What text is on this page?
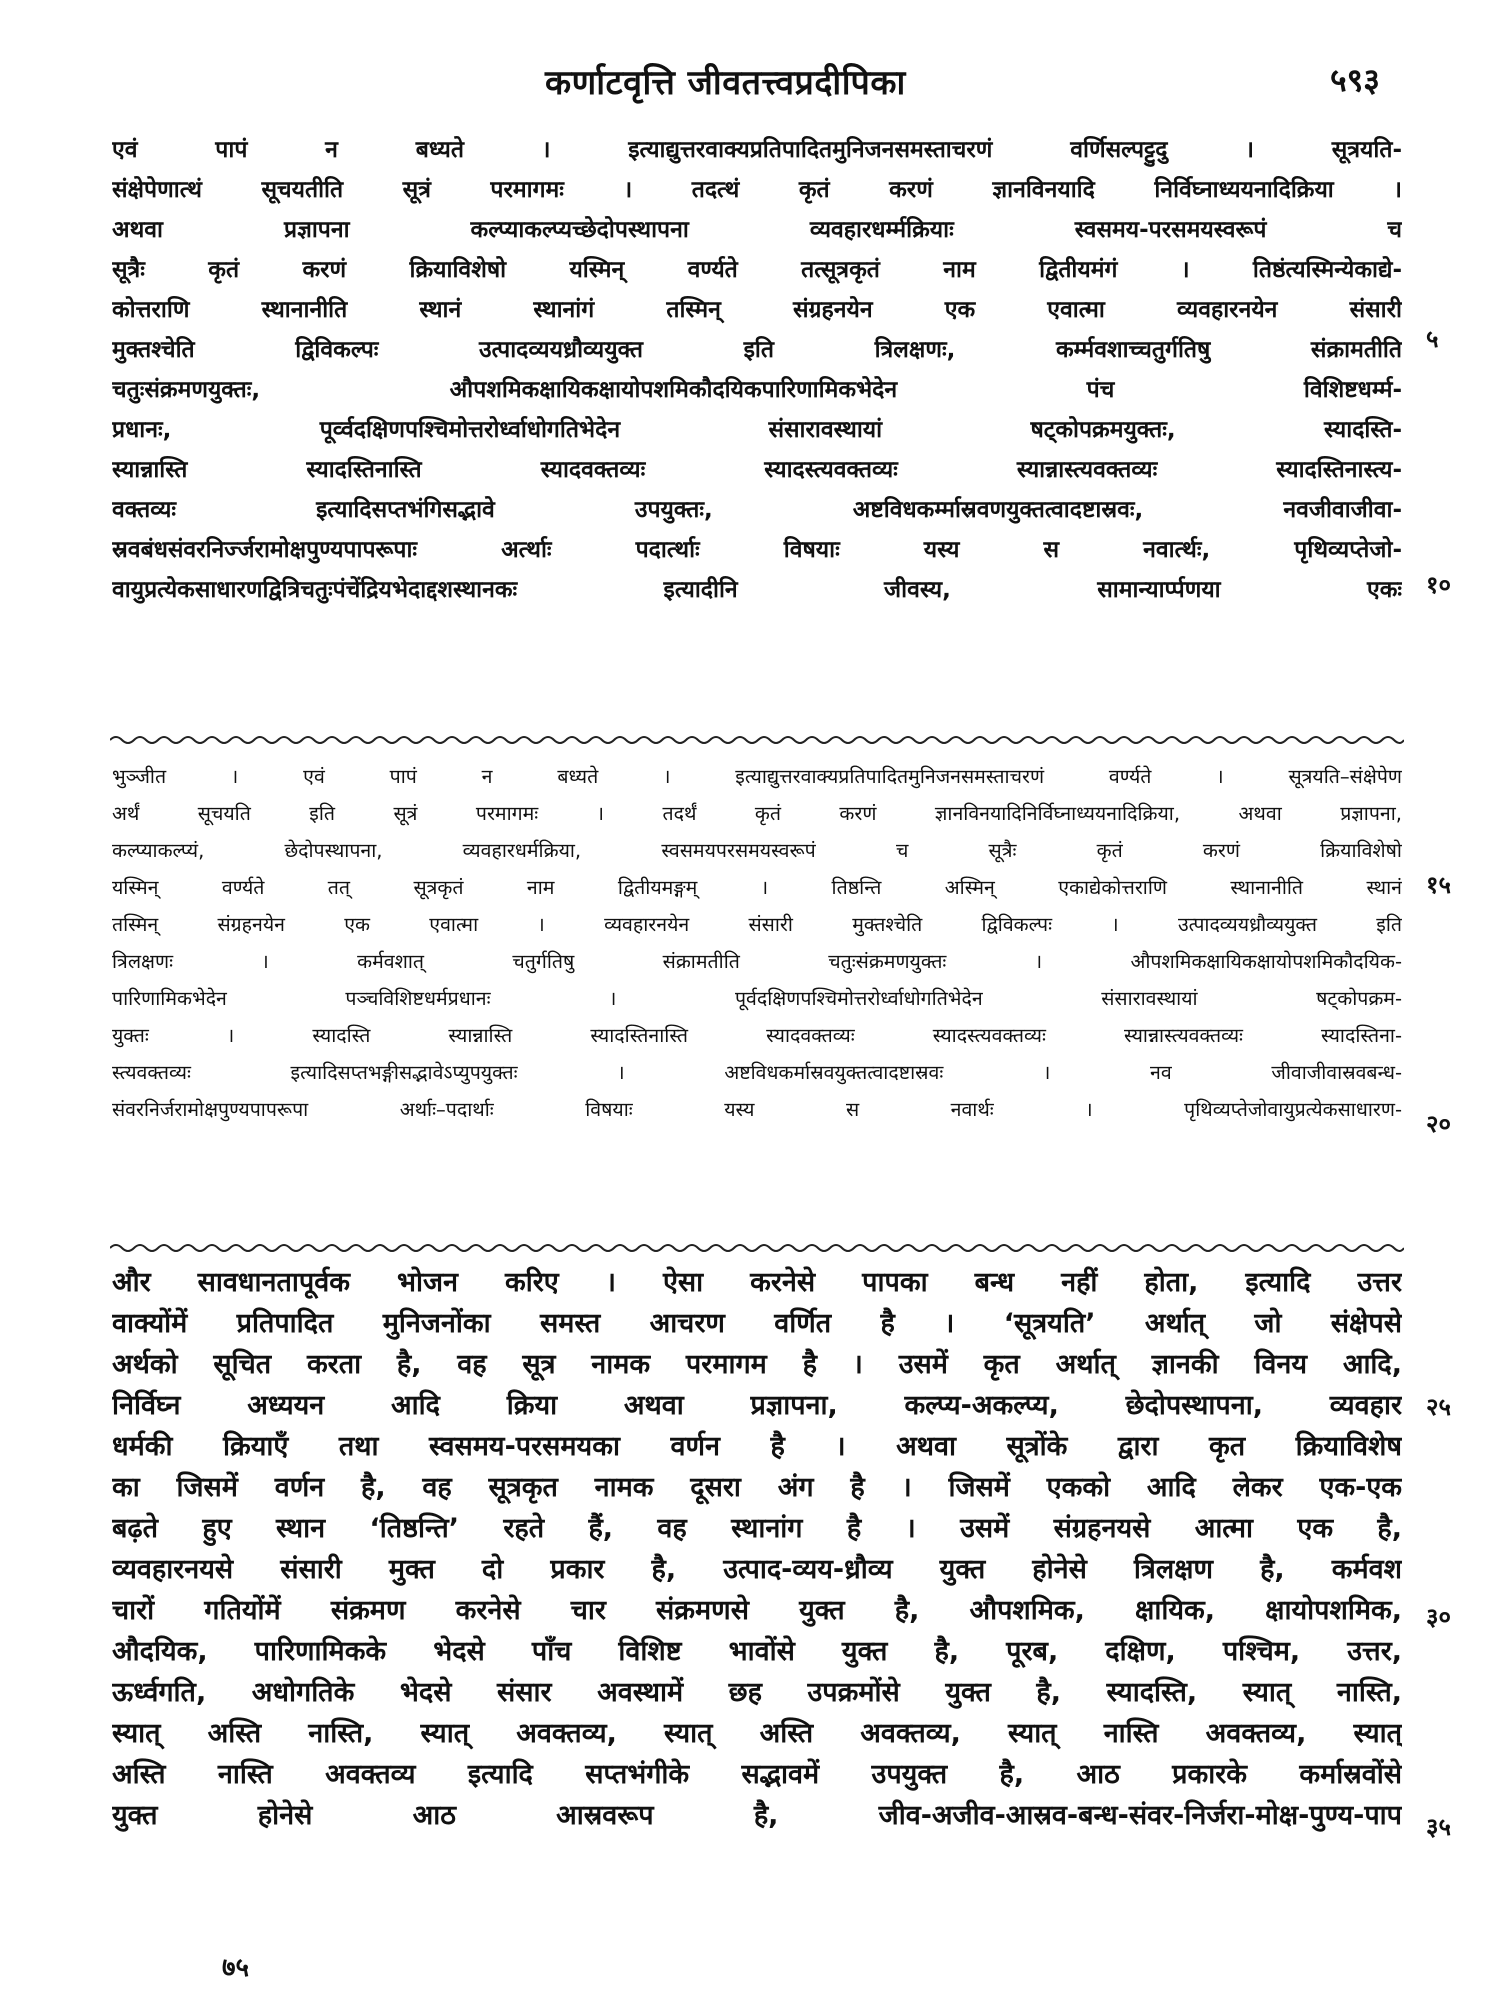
कर्णाटवृत्ति जीवतत्त्वप्रदीपिका	५९३
एवं पापं न बध्यते । इत्याद्युत्तरवाक्यप्रतिपादितमुनिजनसमस्ताचरणं वर्णिसल्पट्टुदु । सूत्रयति-
संक्षेपेणात्थं सूचयतीति सूत्रं परमागमः । तदत्थं कृतं करणं ज्ञानविनयादि निर्विघ्नाध्ययनादिक्रिया ।
अथवा प्रज्ञापना कल्प्याकल्प्यच्छेदोपस्थापना व्यवहारधर्म्मक्रियाः स्वसमय-परसमयस्वरूपं च
सूत्रैः कृतं करणं क्रियाविशेषो यस्मिन् वर्ण्यते तत्सूत्रकृतं नाम द्वितीयमंगं । तिष्ठंत्यस्मिन्येकाद्ये-
कोत्तराणि स्थानानीति स्थानं स्थानांगं तस्मिन् संग्रहनयेन एक एवात्मा व्यवहारनयेन संसारी
मुक्तश्चेति द्विविकल्पः उत्पादव्ययध्रौव्ययुक्त इति त्रिलक्षणः, कर्म्मवशाच्चतुर्गतिषु संक्रामतीति
चतुःसंक्रमणयुक्तः, औपशमिकक्षायिकक्षायोपशमिकौदयिकपारिणामिकभेदेन पंच विशिष्टधर्म्म-
प्रधानः, पूर्व्वदक्षिणपश्चिमोत्तरोर्ध्वाधोगतिभेदेन संसारावस्थायां षट्कोपक्रमयुक्तः, स्यादस्ति-
स्यान्नास्ति स्यादस्तिनास्ति स्यादवक्तव्यः स्यादस्त्यवक्तव्यः स्यान्नास्त्यवक्तव्यः स्यादस्तिनास्त्य-
वक्तव्यः इत्यादिसप्तभंगिसद्भावे उपयुक्तः, अष्टविधकर्म्मास्रवणयुक्तत्वादष्टास्रवः, नवजीवाजीवा-
स्रवबंधसंवरनिर्ज्जरामोक्षपुण्यपापरूपाः अर्त्थाः पदार्त्थाः विषयाः यस्य स नवार्त्थः, पृथिव्यप्तेजो-
वायुप्रत्येकसाधारणद्वित्रिचतुःपंचेंद्रियभेदाद्दशस्थानकः इत्यादीनि जीवस्य, सामान्यार्प्पणया एकः
भुञ्जीत । एवं पापं न बध्यते । इत्याद्युत्तरवाक्यप्रतिपादितमुनिजनसमस्ताचरणं वर्ण्यते । सूत्रयति–संक्षेपेण
अर्थं सूचयति इति सूत्रं परमागमः । तदर्थं कृतं करणं ज्ञानविनयादिनिर्विघ्नाध्ययनादिक्रिया, अथवा प्रज्ञापना,
कल्प्याकल्प्यं, छेदोपस्थापना, व्यवहारधर्मक्रिया, स्वसमयपरसमयस्वरूपं च सूत्रैः कृतं करणं क्रियाविशेषो
यस्मिन् वर्ण्यते तत् सूत्रकृतं नाम द्वितीयमङ्गम् । तिष्ठन्ति अस्मिन् एकाद्येकोत्तराणि स्थानानीति स्थानं
तस्मिन् संग्रहनयेन एक एवात्मा । व्यवहारनयेन संसारी मुक्तश्चेति द्विविकल्पः । उत्पादव्ययध्रौव्ययुक्त इति
त्रिलक्षणः । कर्मवशात् चतुर्गतिषु संक्रामतीति चतुःसंक्रमणयुक्तः । औपशमिकक्षायिकक्षायोपशमिकौदयिक-
पारिणामिकभेदेन पञ्चविशिष्टधर्मप्रधानः । पूर्वदक्षिणपश्चिमोत्तरोर्ध्वाधोगतिभेदेन संसारावस्थायां षट्कोपक्रम-
युक्तः । स्यादस्ति स्यान्नास्ति स्यादस्तिनास्ति स्यादवक्तव्यः स्यादस्त्यवक्तव्यः स्यान्नास्त्यवक्तव्यः स्यादस्तिना-
स्त्यवक्तव्यः इत्यादिसप्तभङ्गीसद्भावेऽप्युपयुक्तः । अष्टविधकर्मास्रवयुक्तत्वादष्टास्रवः । नव जीवाजीवास्रवबन्ध-
संवरनिर्जरामोक्षपुण्यपापरूपा अर्थाः–पदार्थाः विषयाः यस्य स नवार्थः । पृथिव्यप्तेजोवायुप्रत्येकसाधारण-
और सावधानतापूर्वक भोजन करिए । ऐसा करनेसे पापका बन्ध नहीं होता, इत्यादि उत्तर
वाक्योंमें प्रतिपादित मुनिजनोंका समस्त आचरण वर्णित है । ‘सूत्रयति’ अर्थात् जो संक्षेपसे
अर्थको सूचित करता है, वह सूत्र नामक परमागम है । उसमें कृत अर्थात् ज्ञानकी विनय आदि,
निर्विघ्न अध्ययन आदि क्रिया अथवा प्रज्ञापना, कल्प्य-अकल्प्य, छेदोपस्थापना, व्यवहार
धर्मकी क्रियाएँ तथा स्वसमय-परसमयका वर्णन है । अथवा सूत्रोंके द्वारा कृत क्रियाविशेष
का जिसमें वर्णन है, वह सूत्रकृत नामक दूसरा अंग है । जिसमें एकको आदि लेकर एक-एक
बढ़ते हुए स्थान ‘तिष्ठन्ति’ रहते हैं, वह स्थानांग है । उसमें संग्रहनयसे आत्मा एक है,
व्यवहारनयसे संसारी मुक्त दो प्रकार है, उत्पाद-व्यय-ध्रौव्य युक्त होनेसे त्रिलक्षण है, कर्मवश
चारों गतियोंमें संक्रमण करनेसे चार संक्रमणसे युक्त है, औपशमिक, क्षायिक, क्षायोपशमिक,
औदयिक, पारिणामिकके भेदसे पाँच विशिष्ट भावोंसे युक्त है, पूरब, दक्षिण, पश्चिम, उत्तर,
ऊर्ध्वगति, अधोगतिके भेदसे संसार अवस्थामें छह उपक्रमोंसे युक्त है, स्यादस्ति, स्यात् नास्ति,
स्यात् अस्ति नास्ति, स्यात् अवक्तव्य, स्यात् अस्ति अवक्तव्य, स्यात् नास्ति अवक्तव्य, स्यात्
अस्ति नास्ति अवक्तव्य इत्यादि सप्तभंगीके सद्भावमें उपयुक्त है, आठ प्रकारके कर्मास्रवोंसे
युक्त होनेसे आठ आस्रवरूप है, जीव-अजीव-आस्रव-बन्ध-संवर-निर्जरा-मोक्ष-पुण्य-पाप
५
१०
१५
२०
२५
३०
३५
७५
